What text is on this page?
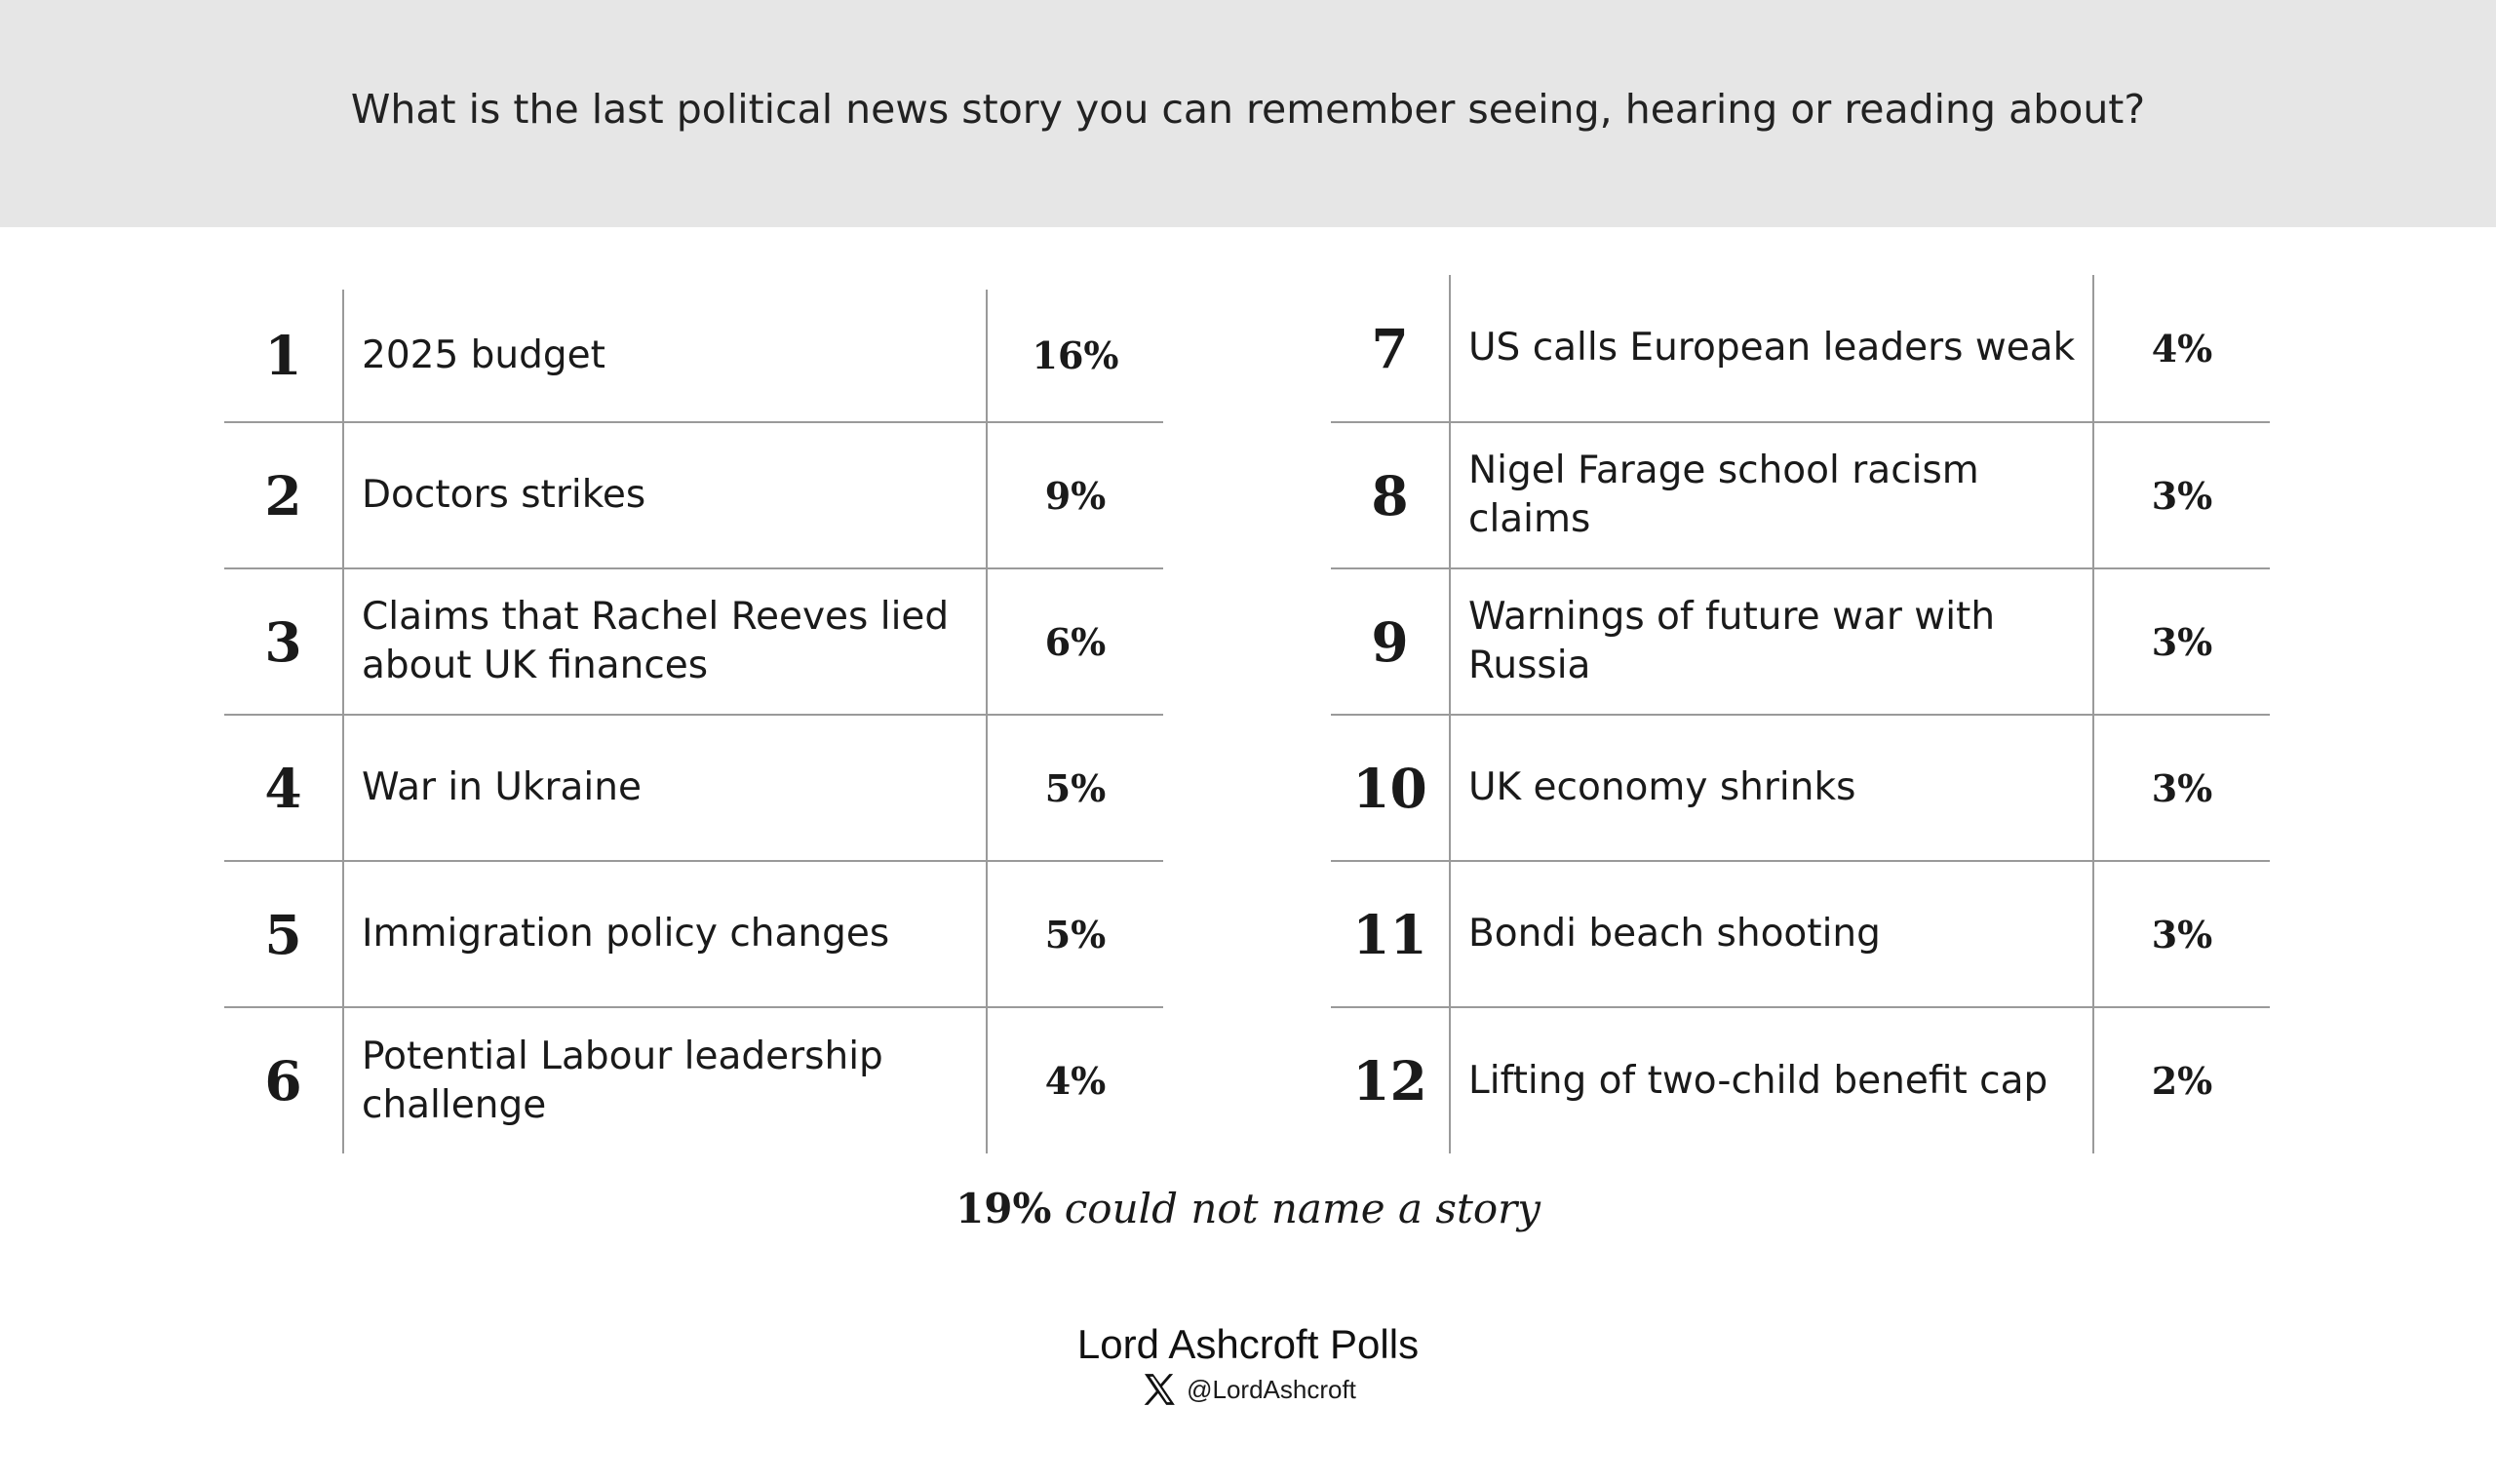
What is the last political news story you can remember seeing, hearing or reading about?
1	2025 budget	16%
2	Doctors strikes	9%
3	Claims that Rachel Reeves lied about UK finances	6%
4	War in Ukraine	5%
5	Immigration policy changes	5%
6	Potential Labour leadership challenge	4%
7	US calls European leaders weak	4%
8	Nigel Farage school racism claims	3%
9	Warnings of future war with Russia	3%
10	UK economy shrinks	3%
11	Bondi beach shooting	3%
12	Lifting of two-child benefit cap	2%
19% could not name a story
Lord Ashcroft Polls
@LordAshcroft
